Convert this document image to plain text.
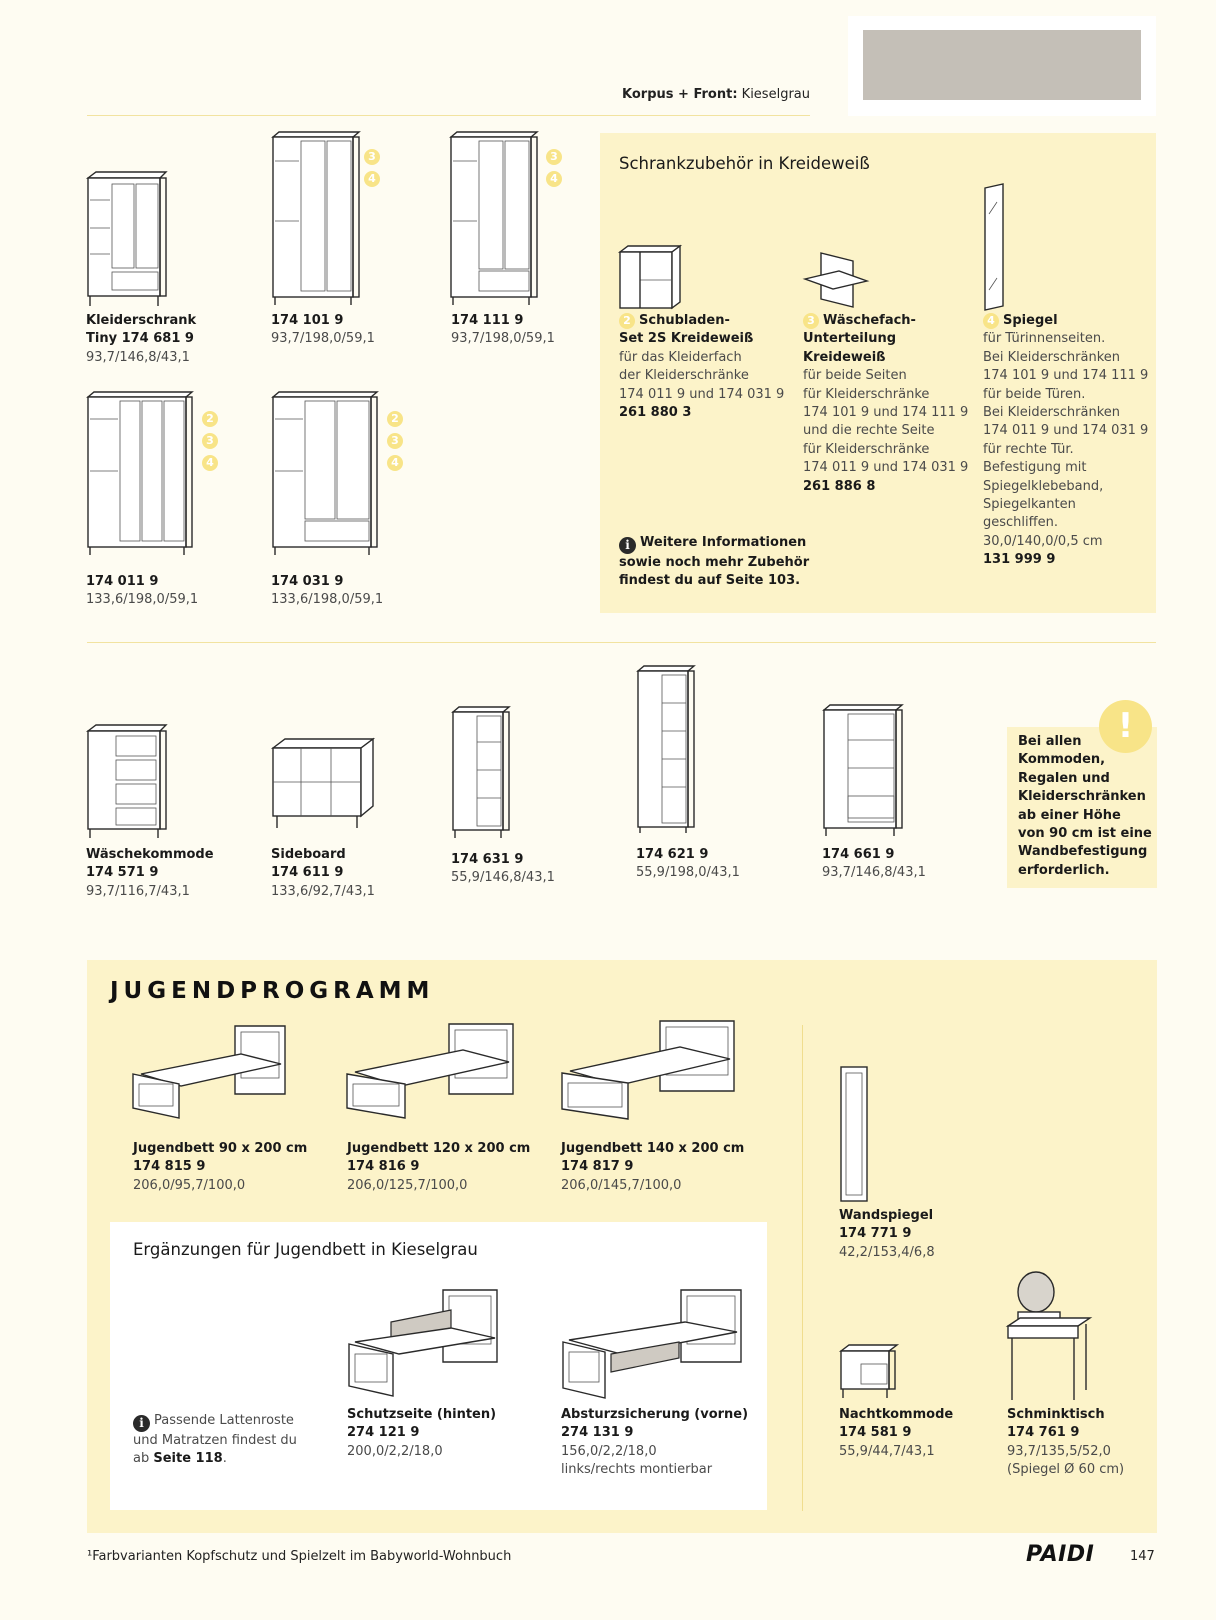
Korpus + Front: Kieselgrau
3
4
3
4
Kleiderschrank
Tiny 174 681 9
93,7/146,8/43,1
174 101 9
93,7/198,0/59,1
174 111 9
93,7/198,0/59,1
2
3
4
2
3
4
174 011 9
133,6/198,0/59,1
174 031 9
133,6/198,0/59,1
Schrankzubehör in Kreideweiß
2 Schubladen-
Set 2S Kreideweiß
für das Kleiderfach
der Kleiderschränke
174 011 9 und 174 031 9
261 880 3
3 Wäschefach-
Unterteilung
Kreideweiß
für beide Seiten
für Kleiderschränke
174 101 9 und 174 111 9
und die rechte Seite
für Kleiderschränke
174 011 9 und 174 031 9
261 886 8
4 Spiegel
für Türinnenseiten.
Bei Kleiderschränken
174 101 9 und 174 111 9
für beide Türen.
Bei Kleiderschränken
174 011 9 und 174 031 9
für rechte Tür.
Befestigung mit
Spiegelklebeband,
Spiegelkanten
geschliffen.
30,0/140,0/0,5 cm
131 999 9
i Weitere Informationen
sowie noch mehr Zubehör
findest du auf Seite 103.
Wäschekommode
174 571 9
93,7/116,7/43,1
Sideboard
174 611 9
133,6/92,7/43,1
174 631 9
55,9/146,8/43,1
174 621 9
55,9/198,0/43,1
174 661 9
93,7/146,8/43,1
!
Bei allen
Kommoden,
Regalen und
Kleiderschränken
ab einer Höhe
von 90 cm ist eine
Wandbefestigung
erforderlich.
JUGENDPROGRAMM
Jugendbett 90 x 200 cm
174 815 9
206,0/95,7/100,0
Jugendbett 120 x 200 cm
174 816 9
206,0/125,7/100,0
Jugendbett 140 x 200 cm
174 817 9
206,0/145,7/100,0
Wandspiegel
174 771 9
42,2/153,4/6,8
Ergänzungen für Jugendbett in Kieselgrau
i Passende Lattenroste
und Matratzen findest du
ab Seite 118.
Schutzseite (hinten)
274 121 9
200,0/2,2/18,0
Absturzsicherung (vorne)
274 131 9
156,0/2,2/18,0
links/rechts montierbar
Nachtkommode
174 581 9
55,9/44,7/43,1
Schminktisch
174 761 9
93,7/135,5/52,0
(Spiegel Ø 60 cm)
¹Farbvarianten Kopfschutz und Spielzelt im Babyworld-Wohnbuch	PAIDI	147
